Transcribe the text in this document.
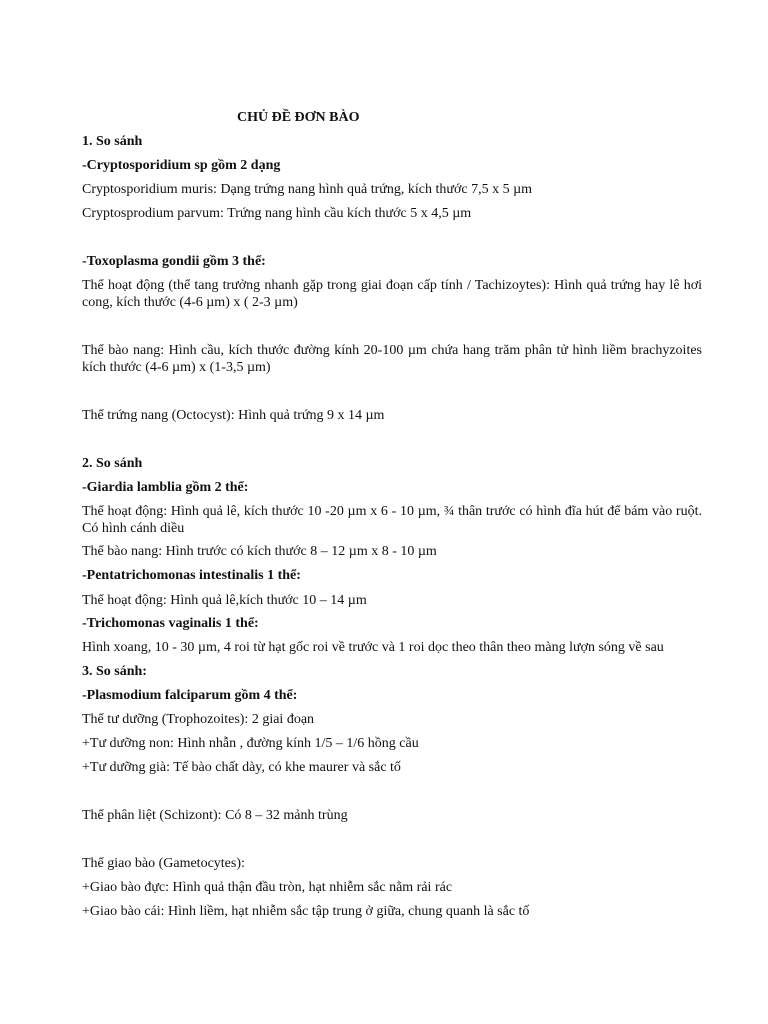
CHỦ ĐỀ ĐƠN BÀO
1. So sánh
-Cryptosporidium sp gồm 2 dạng
Cryptosporidium muris: Dạng trứng nang hình quả trứng, kích thước 7,5 x 5 µm
Cryptosprodium parvum: Trứng nang hình cầu kích thước 5 x 4,5 µm
-Toxoplasma gondii gồm 3 thể:
Thể hoạt động (thể tang trưởng nhanh gặp trong giai đoạn cấp tính / Tachizoytes): Hình quả trứng hay lê hơi cong, kích thước (4-6 µm) x ( 2-3 µm)
Thể bào nang: Hình cầu, kích thước đường kính 20-100 µm chứa hang trăm phân tử hình liềm brachyzoites kích thước (4-6 µm) x (1-3,5 µm)
Thể trứng nang (Octocyst): Hình quả trứng 9 x 14 µm
2. So sánh
-Giardia lamblia gồm 2 thể:
Thể hoạt động: Hình quả lê, kích thước 10 -20 µm x 6 - 10 µm, ¾ thân trước có hình đĩa hút để bám vào ruột. Có hình cánh diều
Thể bào nang: Hình trước có kích thước 8 – 12 µm x 8 - 10 µm
-Pentatrichomonas intestinalis 1 thể:
Thể hoạt động: Hình quả lê,kích thước 10 – 14 µm
-Trichomonas vaginalis 1 thể:
Hình xoang, 10 - 30 µm, 4 roi từ hạt gốc roi về trước và 1 roi dọc theo thân theo màng lượn sóng về sau
3. So sánh:
-Plasmodium falciparum gồm 4 thể:
Thể tư dưỡng (Trophozoites): 2 giai đoạn
+Tư dưỡng non: Hình nhẫn , đường kính 1/5 – 1/6 hồng cầu
+Tư dưỡng già: Tế bào chất dày, có khe maurer và sắc tố
Thể phân liệt (Schizont): Có 8 – 32 mảnh trùng
Thể giao bào (Gametocytes):
+Giao bào đực: Hình quả thận đầu tròn, hạt nhiễm sắc nằm rải rác
+Giao bào cái: Hình liềm, hạt nhiễm sắc tập trung ở giữa, chung quanh là sắc tố
